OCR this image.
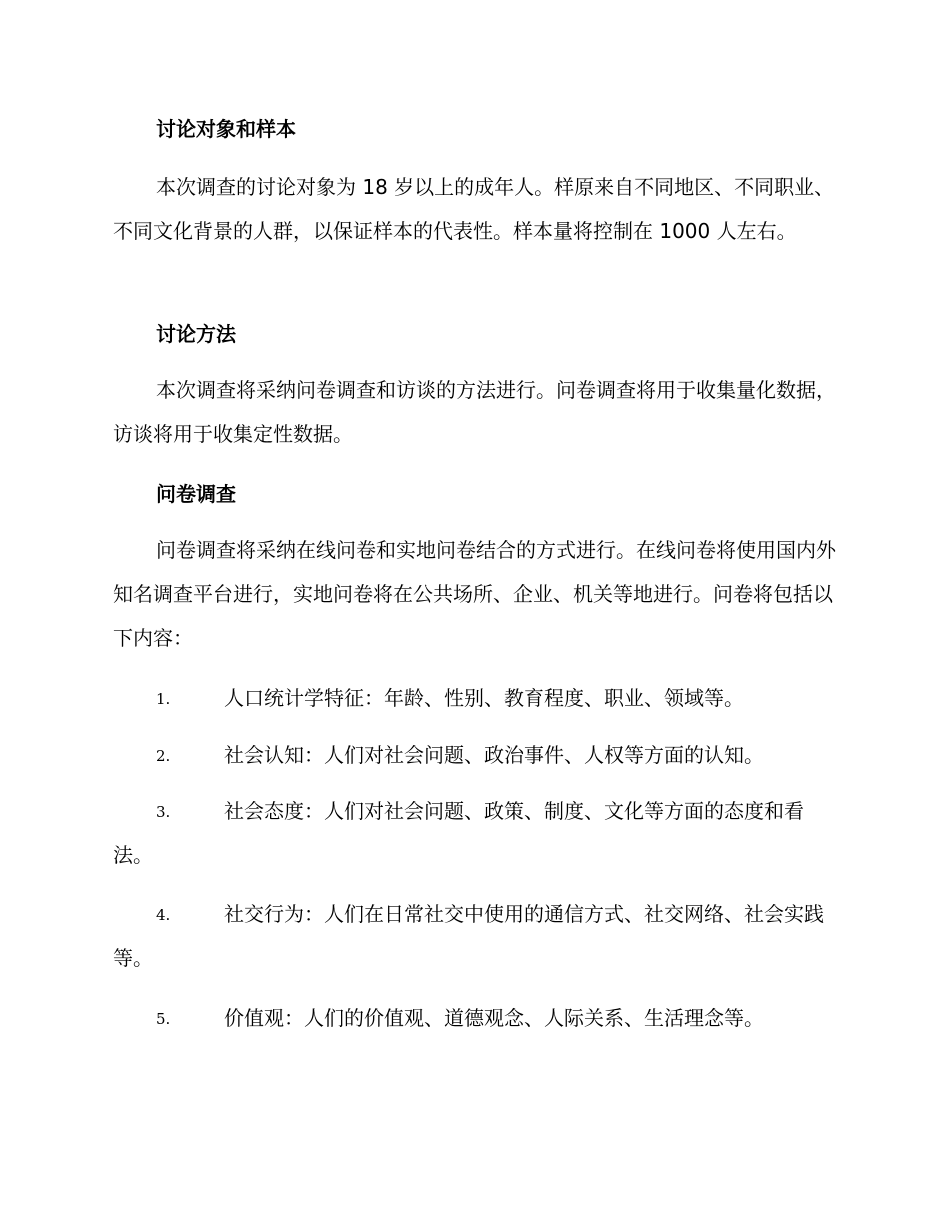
讨论对象和样本
本次调查的讨论对象为 18 岁以上的成年人。样原来自不同地区、不同职业、不同文化背景的人群，以保证样本的代表性。样本量将控制在 1000 人左右。
讨论方法
本次调查将采纳问卷调查和访谈的方法进行。问卷调查将用于收集量化数据，访谈将用于收集定性数据。
问卷调查
问卷调查将采纳在线问卷和实地问卷结合的方式进行。在线问卷将使用国内外知名调查平台进行，实地问卷将在公共场所、企业、机关等地进行。问卷将包括以下内容：
1.	人口统计学特征：年龄、性别、教育程度、职业、领域等。
2.	社会认知：人们对社会问题、政治事件、人权等方面的认知。
3.	社会态度：人们对社会问题、政策、制度、文化等方面的态度和看法。
4.	社交行为：人们在日常社交中使用的通信方式、社交网络、社会实践等。
5.	价值观：人们的价值观、道德观念、人际关系、生活理念等。
